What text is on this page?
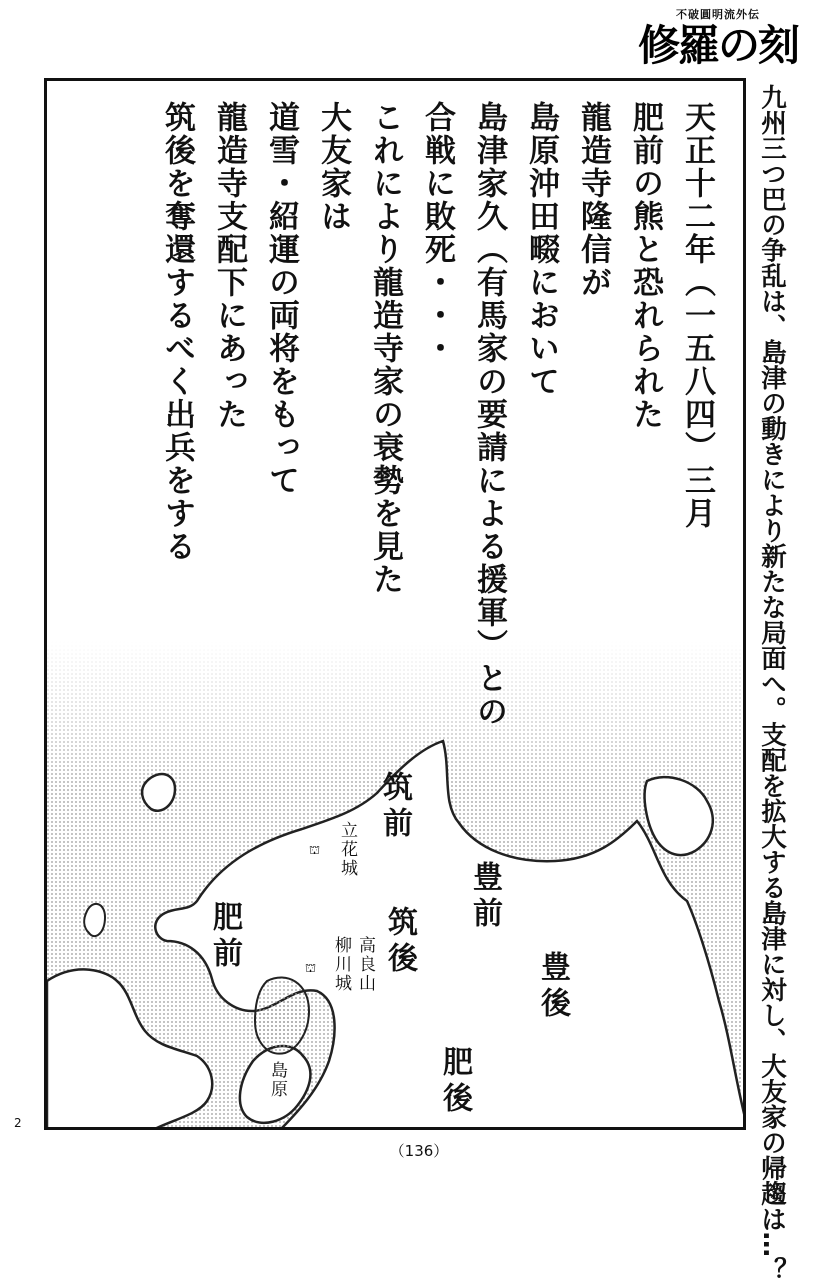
不破圓明流外伝
修羅の刻
天正十二年（一五八四）三月
肥前の熊と恐れられた
龍造寺隆信が
島原沖田畷において
島津家久（有馬家の要請による援軍）との
合戦に敗死・・・
これにより龍造寺家の衰勢を見た
大友家は
道雪・紹運の両将をもって
龍造寺支配下にあった
筑後を奪還するべく出兵をする
筑前
豊前
肥前	筑後
豊後
肥後
島原
立花城
⛫
高良山
柳川城
⛫	九州三つ巴の争乱は、島津の動きにより新たな局面へ。支配を拡大する島津に対し、大友家の帰趨は…？
2
（136）
